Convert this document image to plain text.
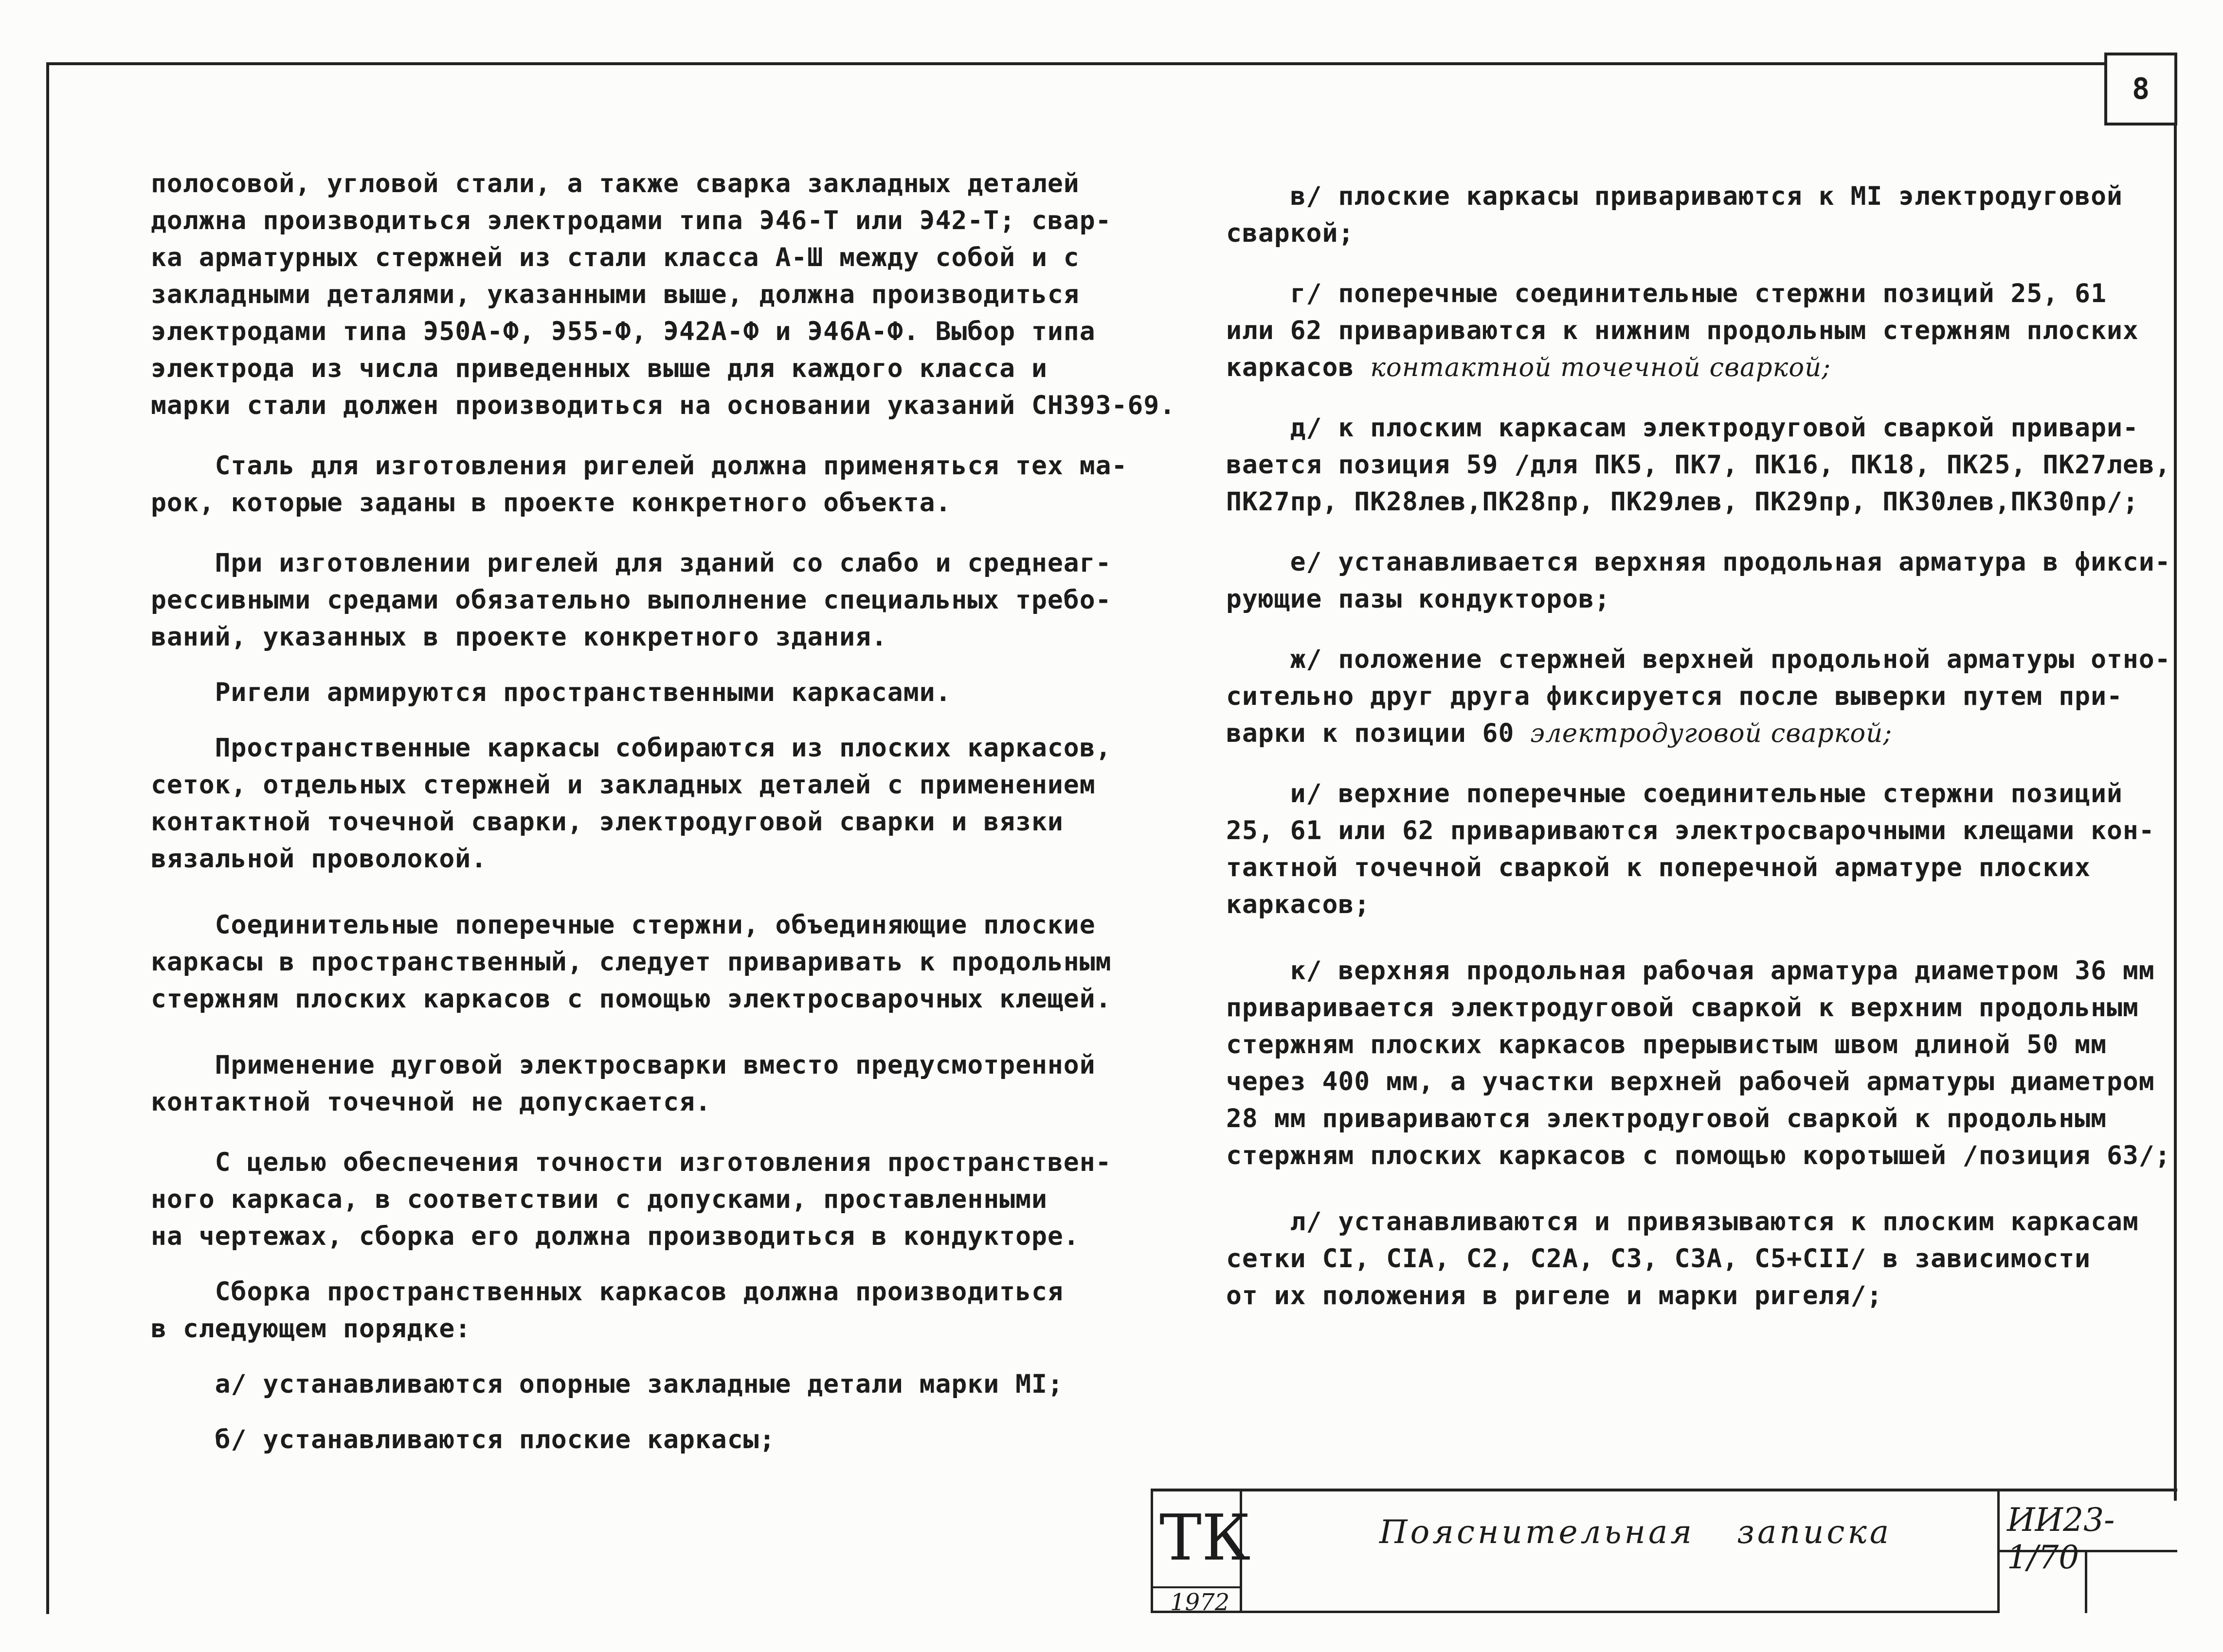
8
полосовой, угловой стали, а также сварка закладных деталей
должна производиться электродами типа Э46-Т или Э42-Т; свар-
ка арматурных стержней из стали класса А-Ш между собой и с
закладными деталями, указанными выше, должна производиться
электродами типа Э50А-Ф, Э55-Ф, Э42А-Ф и Э46А-Ф. Выбор типа
электрода из числа приведенных выше для каждого класса и
марки стали должен производиться на основании указаний СН393-69.
Сталь для изготовления ригелей должна применяться тех ма-
рок, которые заданы в проекте конкретного объекта.
При изготовлении ригелей для зданий со слабо и среднеаг-
рессивными средами обязательно выполнение специальных требо-
ваний, указанных в проекте конкретного здания.
Ригели армируются пространственными каркасами.
Пространственные каркасы собираются из плоских каркасов,
сеток, отдельных стержней и закладных деталей с применением
контактной точечной сварки, электродуговой сварки и вязки
вязальной проволокой.
Соединительные поперечные стержни, объединяющие плоские
каркасы в пространственный, следует приваривать к продольным
стержням плоских каркасов с помощью электросварочных клещей.
Применение дуговой электросварки вместо предусмотренной
контактной точечной не допускается.
С целью обеспечения точности изготовления пространствен-
ного каркаса, в соответствии с допусками, проставленными
на чертежах, сборка его должна производиться в кондукторе.
Сборка пространственных каркасов должна производиться
в следующем порядке:
а/ устанавливаются опорные закладные детали марки МI;
б/ устанавливаются плоские каркасы;
в/ плоские каркасы привариваются к МI электродуговой
сваркой;
г/ поперечные соединительные стержни позиций 25, 61
или 62 привариваются к нижним продольным стержням плоских
каркасов контактной точечной сваркой;
д/ к плоским каркасам электродуговой сваркой привари-
вается позиция 59 /для ПК5, ПК7, ПК16, ПК18, ПК25, ПК27лев,
ПК27пр, ПК28лев,ПК28пр, ПК29лев, ПК29пр, ПК30лев,ПК30пр/;
е/ устанавливается верхняя продольная арматура в фикси-
рующие пазы кондукторов;
ж/ положение стержней верхней продольной арматуры отно-
сительно друг друга фиксируется после выверки путем при-
варки к позиции 60 электродуговой сваркой;
и/ верхние поперечные соединительные стержни позиций
25, 61 или 62 привариваются электросварочными клещами кон-
тактной точечной сваркой к поперечной арматуре плоских
каркасов;
к/ верхняя продольная рабочая арматура диаметром 36 мм
приваривается электродуговой сваркой к верхним продольным
стержням плоских каркасов прерывистым швом длиной 50 мм
через 400 мм, а участки верхней рабочей арматуры диаметром
28 мм привариваются электродуговой сваркой к продольным
стержням плоских каркасов с помощью коротышей /позиция 63/;
л/ устанавливаются и привязываются к плоским каркасам
сетки СI, СIА, С2, С2А, С3, С3А, С5+СII/ в зависимости
от их положения в ригеле и марки ригеля/;
ТК
1972
Пояснительная записка	ИИ23-1/70
